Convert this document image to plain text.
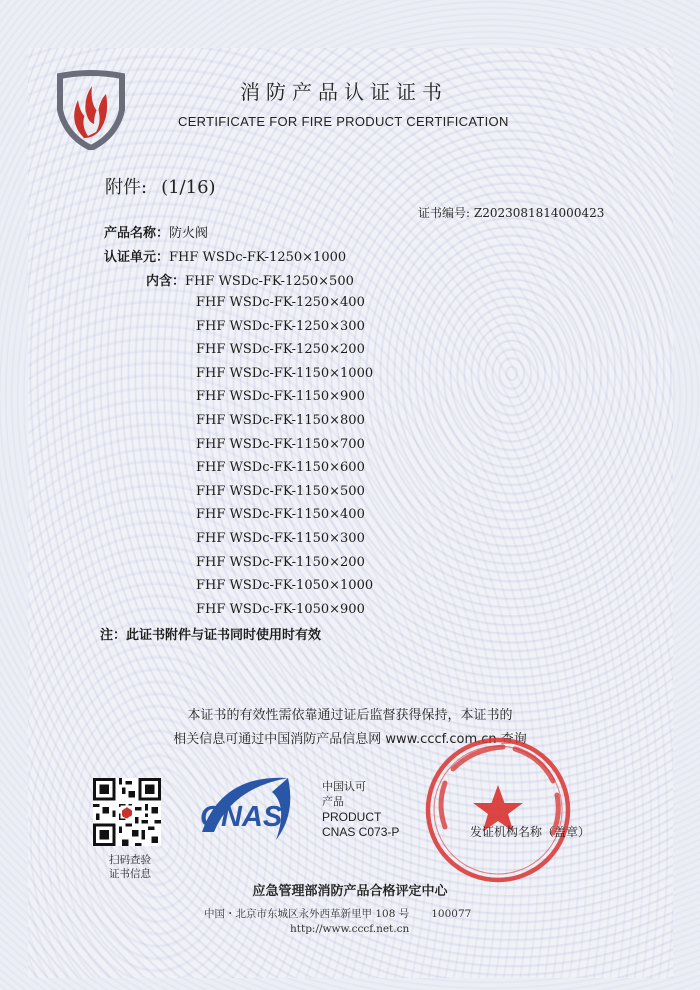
消防产品认证证书
CERTIFICATE FOR FIRE PRODUCT CERTIFICATION
附件: (1/16)
证书编号: Z2023081814000423
产品名称：防火阀
认证单元：FHF WSDc-FK-1250×1000
内含：FHF WSDc-FK-1250×500
FHF WSDc-FK-1250×400
FHF WSDc-FK-1250×300
FHF WSDc-FK-1250×200
FHF WSDc-FK-1150×1000
FHF WSDc-FK-1150×900
FHF WSDc-FK-1150×800
FHF WSDc-FK-1150×700
FHF WSDc-FK-1150×600
FHF WSDc-FK-1150×500
FHF WSDc-FK-1150×400
FHF WSDc-FK-1150×300
FHF WSDc-FK-1150×200
FHF WSDc-FK-1050×1000
FHF WSDc-FK-1050×900
注：此证书附件与证书同时使用时有效
本证书的有效性需依靠通过证后监督获得保持，本证书的
相关信息可通过中国消防产品信息网 www.cccf.com.cn 查询
扫码查验
证书信息
CNAS
中国认可
产品
PRODUCT
CNAS C073-P	发证机构名称（盖章）
应急管理部消防产品合格评定中心
中国・北京市东城区永外西革新里甲 108 号 100077
http://www.cccf.net.cn
